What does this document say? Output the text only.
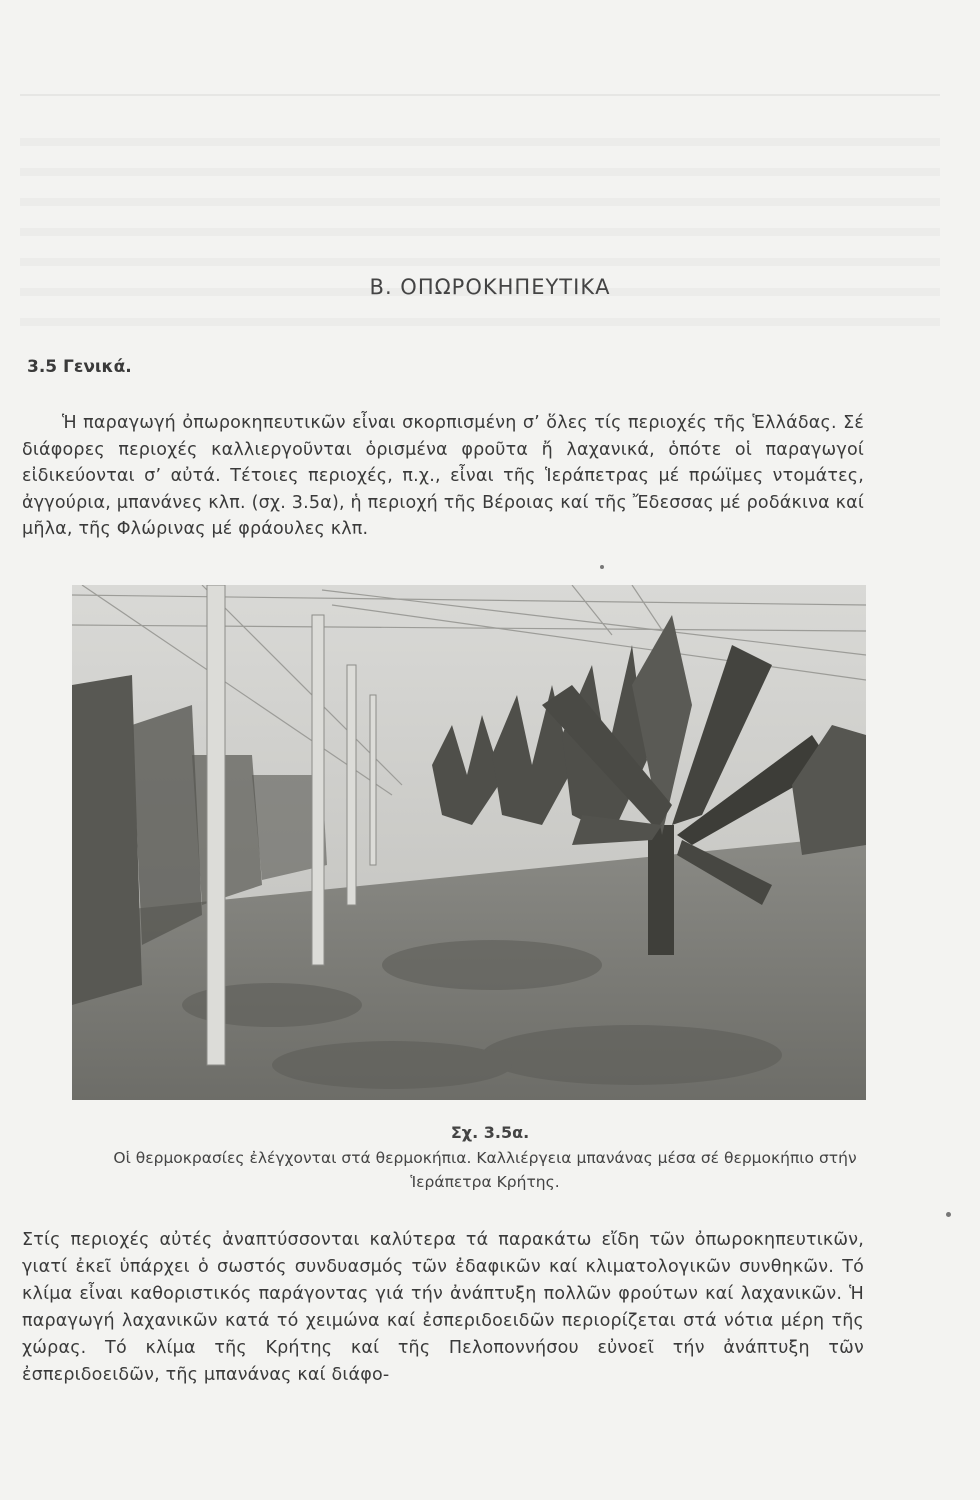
Β. ΟΠΩΡΟΚΗΠΕΥΤΙΚΑ
3.5 Γενικά.

Ἡ παραγωγή ὀπωροκηπευτικῶν εἶναι σκορπισμένη σ’ ὅλες τίς περιοχές τῆς Ἑλλάδας. Σέ διάφορες περιοχές καλλιεργοῦνται ὁρισμένα φροῦτα ἤ λαχανικά, ὁπότε οἱ παραγωγοί εἰδικεύονται σ’ αὐτά. Τέτοιες περιοχές, π.χ., εἶναι τῆς Ἱεράπετρας μέ πρώϊμες ντομάτες, ἀγγούρια, μπανάνες κλπ. (σχ. 3.5α), ἡ περιοχή τῆς Βέροιας καί τῆς Ἔδεσσας μέ ροδάκινα καί μῆλα, τῆς Φλώρινας μέ φράουλες κλπ.

Σχ. 3.5α.
Οἱ θερμοκρασίες ἐλέγχονται στά θερμοκήπια. Καλλιέργεια μπανάνας μέσα σέ θερμοκήπιο στήν Ἱεράπετρα Κρήτης.

Στίς περιοχές αὐτές ἀναπτύσσονται καλύτερα τά παρακάτω εἴδη τῶν ὀπωροκηπευτικῶν, γιατί ἐκεῖ ὑπάρχει ὁ σωστός συνδυασμός τῶν ἐδαφικῶν καί κλιματολογικῶν συνθηκῶν. Τό κλίμα εἶναι καθοριστικός παράγοντας γιά τήν ἀνάπτυξη πολλῶν φρούτων καί λαχανικῶν. Ἡ παραγωγή λαχανικῶν κατά τό χειμώνα καί ἐσπεριδοειδῶν περιορίζεται στά νότια μέρη τῆς χώρας. Τό κλίμα τῆς Κρήτης καί τῆς Πελοποννήσου εὐνοεῖ τήν ἀνάπτυξη τῶν ἐσπεριδοειδῶν, τῆς μπανάνας καί διάφο-
